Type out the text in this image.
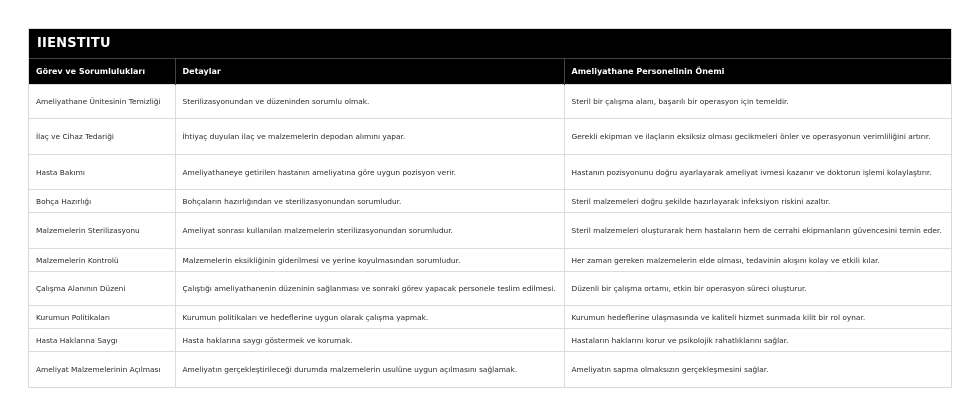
IIENSTITU
Görev ve Sorumlulukları	Detaylar	Ameliyathane Personelinin Önemi
Ameliyathane Ünitesinin Temizliği	Sterilizasyonundan ve düzeninden sorumlu olmak.	Steril bir çalışma alanı, başarılı bir operasyon için temeldir.
İlaç ve Cihaz Tedariği	İhtiyaç duyulan ilaç ve malzemelerin depodan alımını yapar.	Gerekli ekipman ve ilaçların eksiksiz olması gecikmeleri önler ve operasyonun verimliliğini artırır.
Hasta Bakımı	Ameliyathaneye getirilen hastanın ameliyatına göre uygun pozisyon verir.	Hastanın pozisyonunu doğru ayarlayarak ameliyat ivmesi kazanır ve doktorun işlemi kolaylaştırır.
Bohça Hazırlığı	Bohçaların hazırlığından ve sterilizasyonundan sorumludur.	Steril malzemeleri doğru şekilde hazırlayarak infeksiyon riskini azaltır.
Malzemelerin Sterilizasyonu	Ameliyat sonrası kullanılan malzemelerin sterilizasyonundan sorumludur.	Steril malzemeleri oluşturarak hem hastaların hem de cerrahi ekipmanların güvencesini temin eder.
Malzemelerin Kontrolü	Malzemelerin eksikliğinin giderilmesi ve yerine koyulmasından sorumludur.	Her zaman gereken malzemelerin elde olması, tedavinin akışını kolay ve etkili kılar.
Çalışma Alanının Düzeni	Çalıştığı ameliyathanenin düzeninin sağlanması ve sonraki görev yapacak personele teslim edilmesi.	Düzenli bir çalışma ortamı, etkin bir operasyon süreci oluşturur.
Kurumun Politikaları	Kurumun politikaları ve hedeflerine uygun olarak çalışma yapmak.	Kurumun hedeflerine ulaşmasında ve kaliteli hizmet sunmada kilit bir rol oynar.
Hasta Haklarına Saygı	Hasta haklarına saygı göstermek ve korumak.	Hastaların haklarını korur ve psikolojik rahatlıklarını sağlar.
Ameliyat Malzemelerinin Açılması	Ameliyatın gerçekleştirileceği durumda malzemelerin usulüne uygun açılmasını sağlamak.	Ameliyatın sapma olmaksızın gerçekleşmesini sağlar.
